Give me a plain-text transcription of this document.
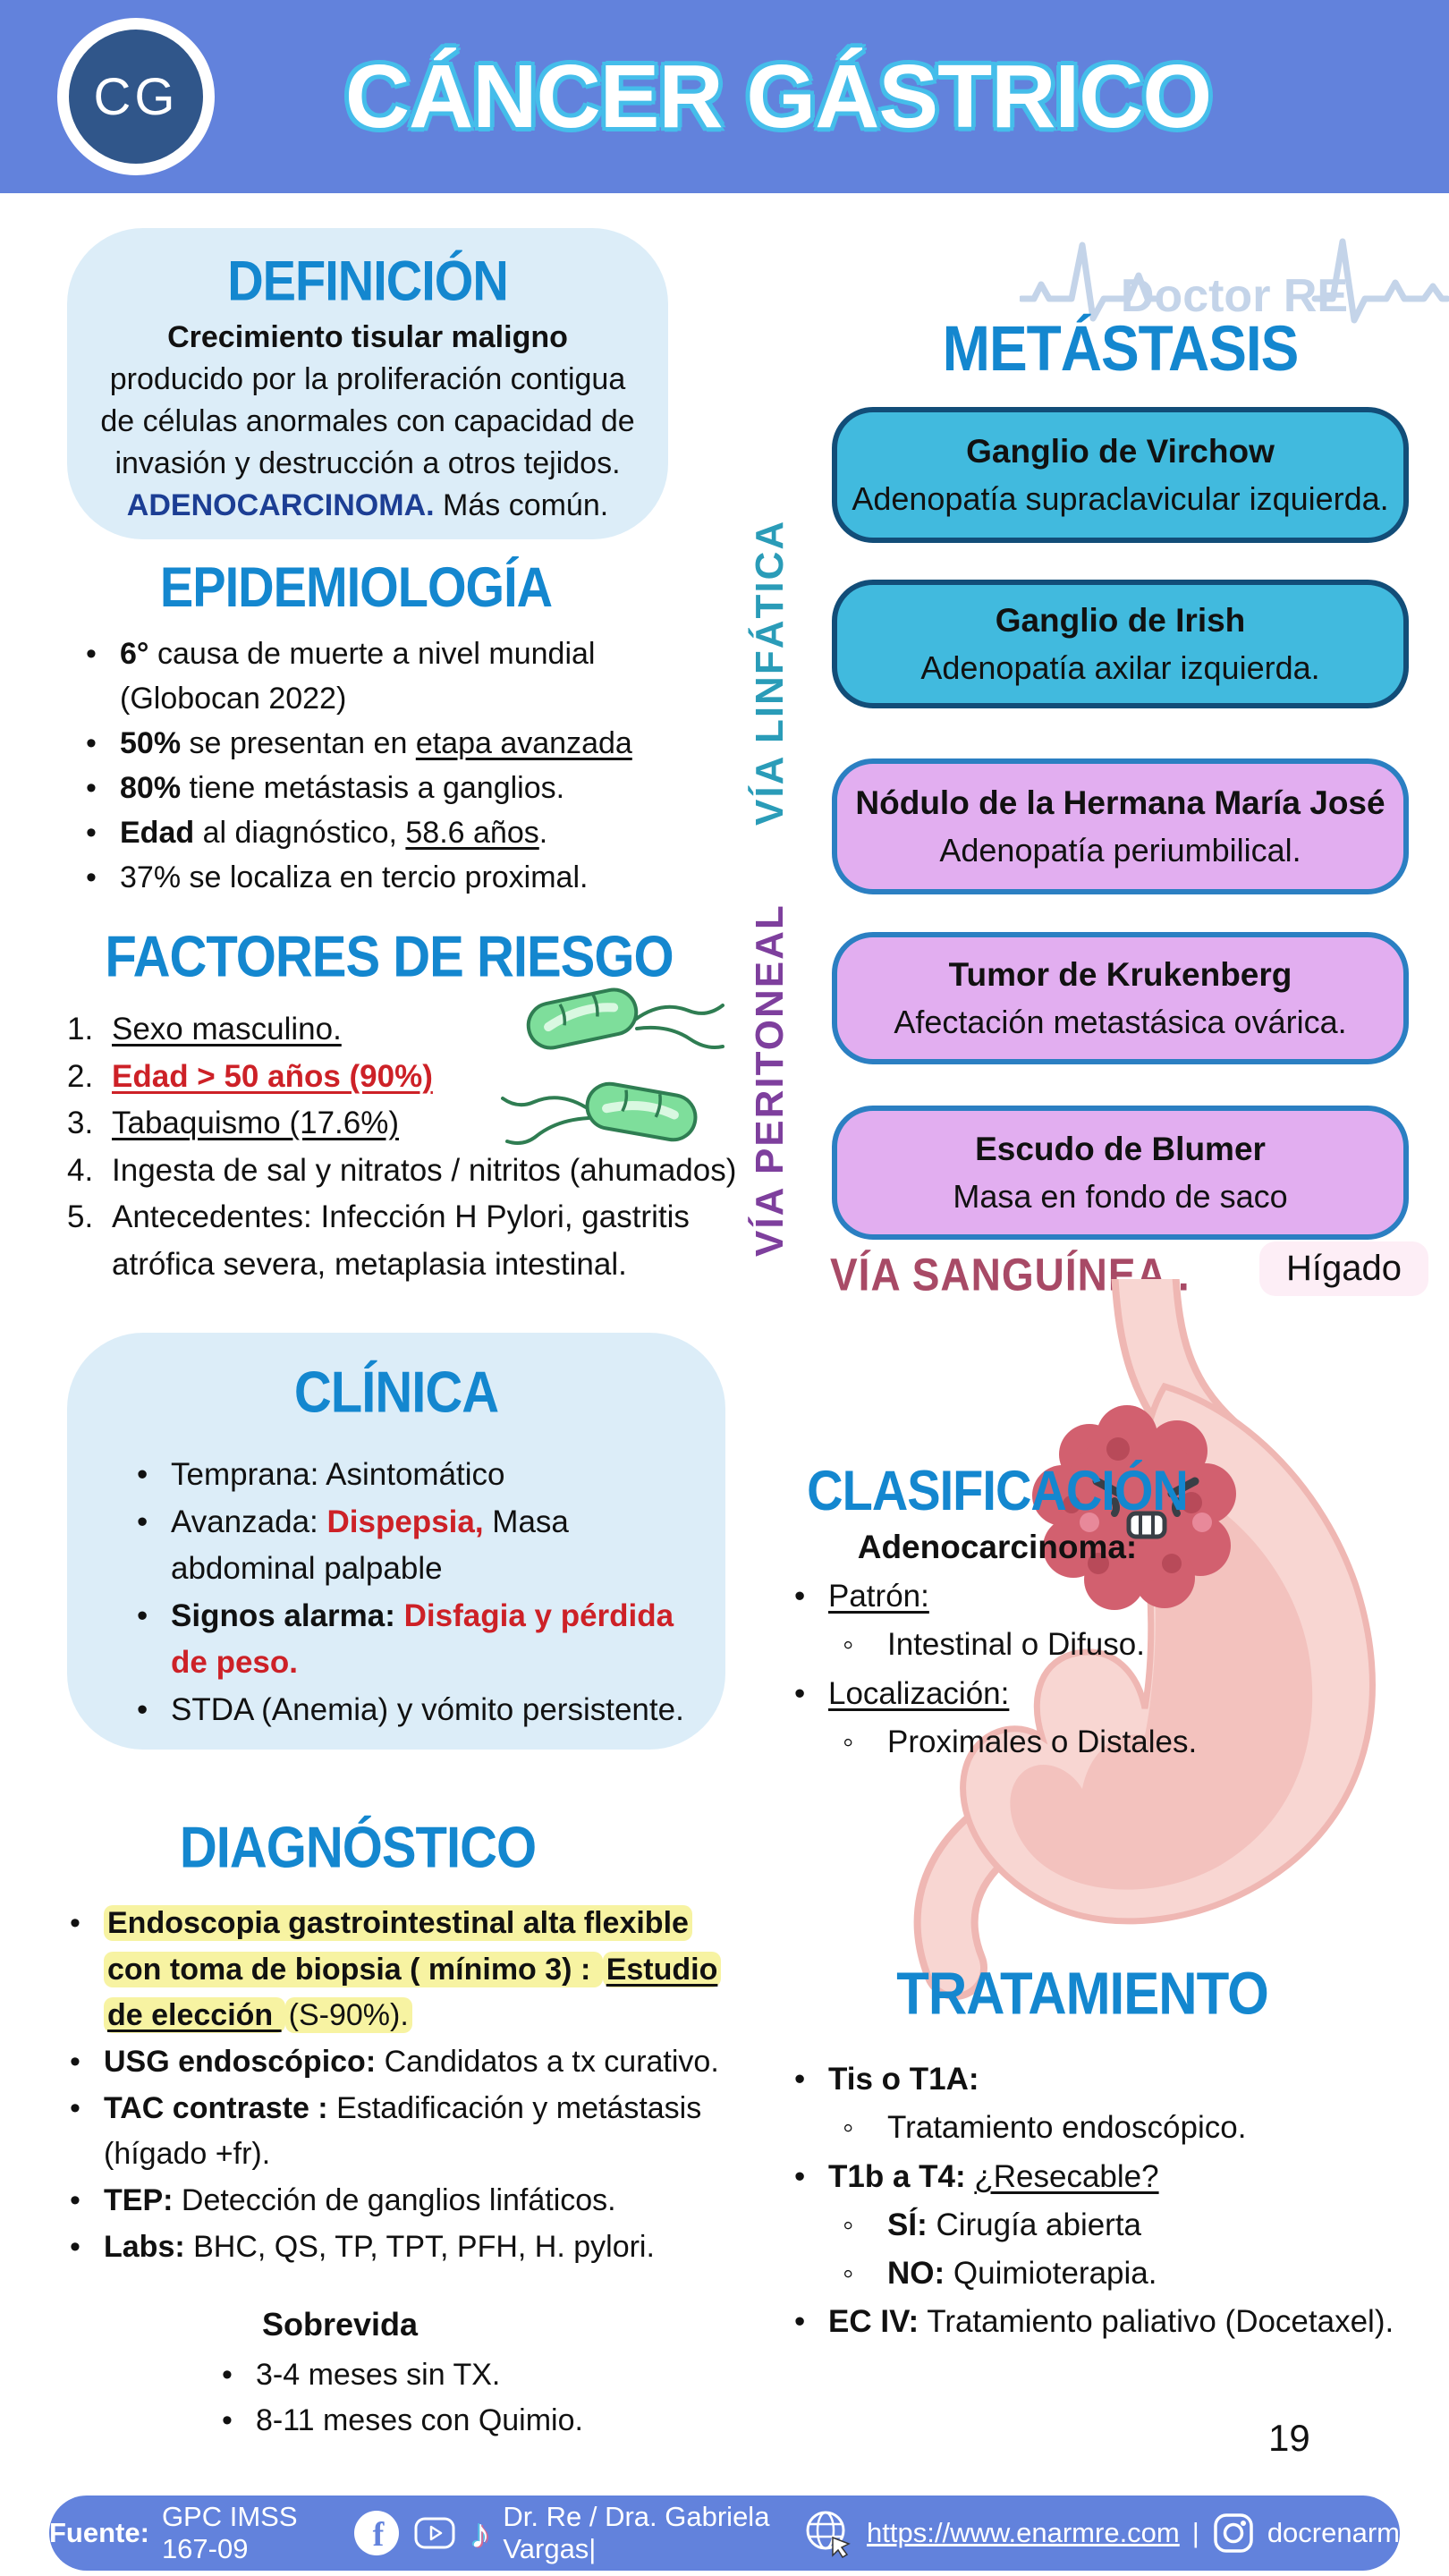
CG	CÁNCER GÁSTRICO
DEFINICIÓN

Crecimiento tisular maligno producido por la proliferación contigua de células anormales con capacidad de invasión y destrucción a otros tejidos. ADENOCARCINOMA. Más común.

EPIDEMIOLOGÍA
• 6° causa de muerte a nivel mundial (Globocan 2022)
• 50% se presentan en etapa avanzada
• 80% tiene metástasis a ganglios.
• Edad al diagnóstico, 58.6 años.
• 37% se localiza en tercio proximal.
FACTORES DE RIESGO
Sexo masculino.
Edad > 50 años (90%)
Tabaquismo (17.6%)
Ingesta de sal y nitratos / nitritos (ahumados)
Antecedentes: Infección H Pylori, gastritis atrófica severa, metaplasia intestinal.
CLÍNICA
• Temprana: Asintomático
• Avanzada: Dispepsia, Masa abdominal palpable
• Signos alarma: Disfagia y pérdida de peso.
• STDA (Anemia) y vómito persistente.
DIAGNÓSTICO
• Endoscopia gastrointestinal alta flexible con toma de biopsia ( mínimo 3) : Estudio de elección (S-90%).
• USG endoscópico: Candidatos a tx curativo.
• TAC contraste : Estadificación y metástasis (hígado +fr).
• TEP: Detección de ganglios linfáticos.
• Labs: BHC, QS, TP, TPT, PFH, H. pylori.
Sobrevida
• 3-4 meses sin TX.
• 8-11 meses con Quimio.
Doctor RE
METÁSTASIS
VÍA LINFÁTICA
VÍA PERITONEAL
Ganglio de Virchow
Adenopatía supraclavicular izquierda.
Ganglio de Irish
Adenopatía axilar izquierda.
Nódulo de la Hermana María José
Adenopatía periumbilical.
Tumor de Krukenberg
Afectación metastásica ovárica.
Escudo de Blumer
Masa en fondo de saco
VÍA SANGUÍNEA .	Hígado
CLASIFICACIÓN
Adenocarcinoma:
• Patrón:
◦ Intestinal o Difuso.
• Localización:
◦ Proximales o Distales.
TRATAMIENTO
• Tis o T1A:
◦ Tratamiento endoscópico.
• T1b a T4: ¿Resecable?
◦ SÍ: Cirugía abierta
◦ NO: Quimioterapia.
• EC IV: Tratamiento paliativo (Docetaxel).
19
Fuente:
GPC IMSS 167-09	f ♪ Dr. Re / Dra. Gabriela Vargas|
https://www.enarmre.com | docrenarm
